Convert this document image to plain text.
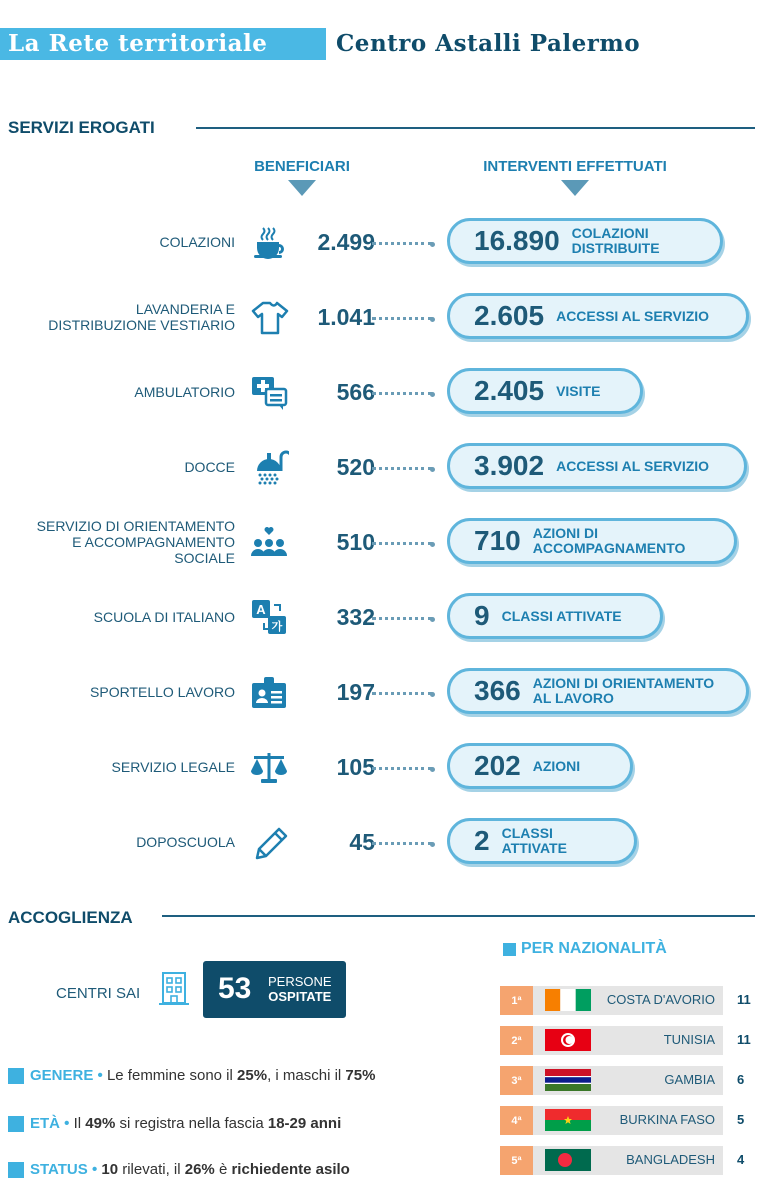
La Rete territoriale	Centro Astalli Palermo
SERVIZI EROGATI
BENEFICIARI	INTERVENTI EFFETTUATI
COLAZIONI	2.499	16.890 COLAZIONI
DISTRIBUITE
LAVANDERIA E
DISTRIBUZIONE VESTIARIO	1.041	2.605 ACCESSI AL SERVIZIO
AMBULATORIO	566	2.405 VISITE
DOCCE	520	3.902 ACCESSI AL SERVIZIO
SERVIZIO DI ORIENTAMENTO
E ACCOMPAGNAMENTO
SOCIALE
510	710 AZIONI DI
ACCOMPAGNAMENTO
SCUOLA DI ITALIANO	332	9 CLASSI ATTIVATE
SPORTELLO LAVORO	197	366 AZIONI DI ORIENTAMENTO
AL LAVORO
SERVIZIO LEGALE	105	202 AZIONI
DOPOSCUOLA	45	2 CLASSI ATTIVATE
ACCOGLIENZA
CENTRI SAI	53 PERSONE
OSPITATE
GENERE • Le femmine sono il 25%, i maschi il 75%
ETÀ • Il 49% si registra nella fascia 18-29 anni
STATUS • 10 rilevati, il 26% è richiedente asilo
PER NAZIONALITÀ
1ª	COSTA D'AVORIO 11
2ª	TUNISIA 11
3ª	GAMBIA 6
4ª	BURKINA FASO 5
5ª	BANGLADESH 4
